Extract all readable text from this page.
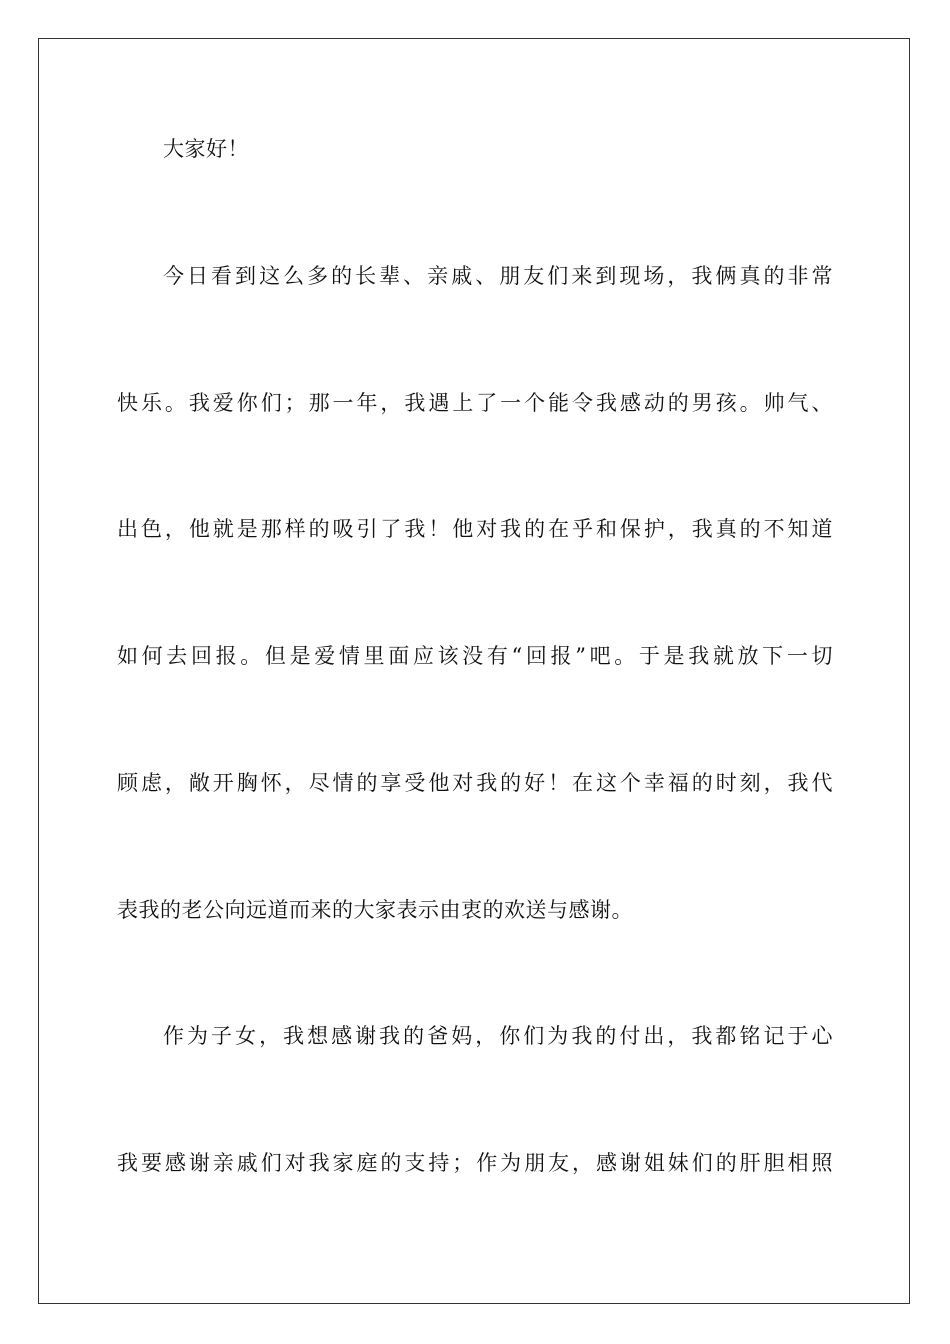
大家好！
今日看到这么多的长辈、亲戚、朋友们来到现场，我俩真的非常
快乐。我爱你们；那一年，我遇上了一个能令我感动的男孩。帅气、
出色，他就是那样的吸引了我！他对我的在乎和保护，我真的不知道
如何去回报。但是爱情里面应该没有“回报”吧。于是我就放下一切
顾虑，敞开胸怀，尽情的享受他对我的好！在这个幸福的时刻，我代
表我的老公向远道而来的大家表示由衷的欢送与感谢。
作为子女，我想感谢我的爸妈，你们为我的付出，我都铭记于心
我要感谢亲戚们对我家庭的支持；作为朋友，感谢姐妹们的肝胆相照
